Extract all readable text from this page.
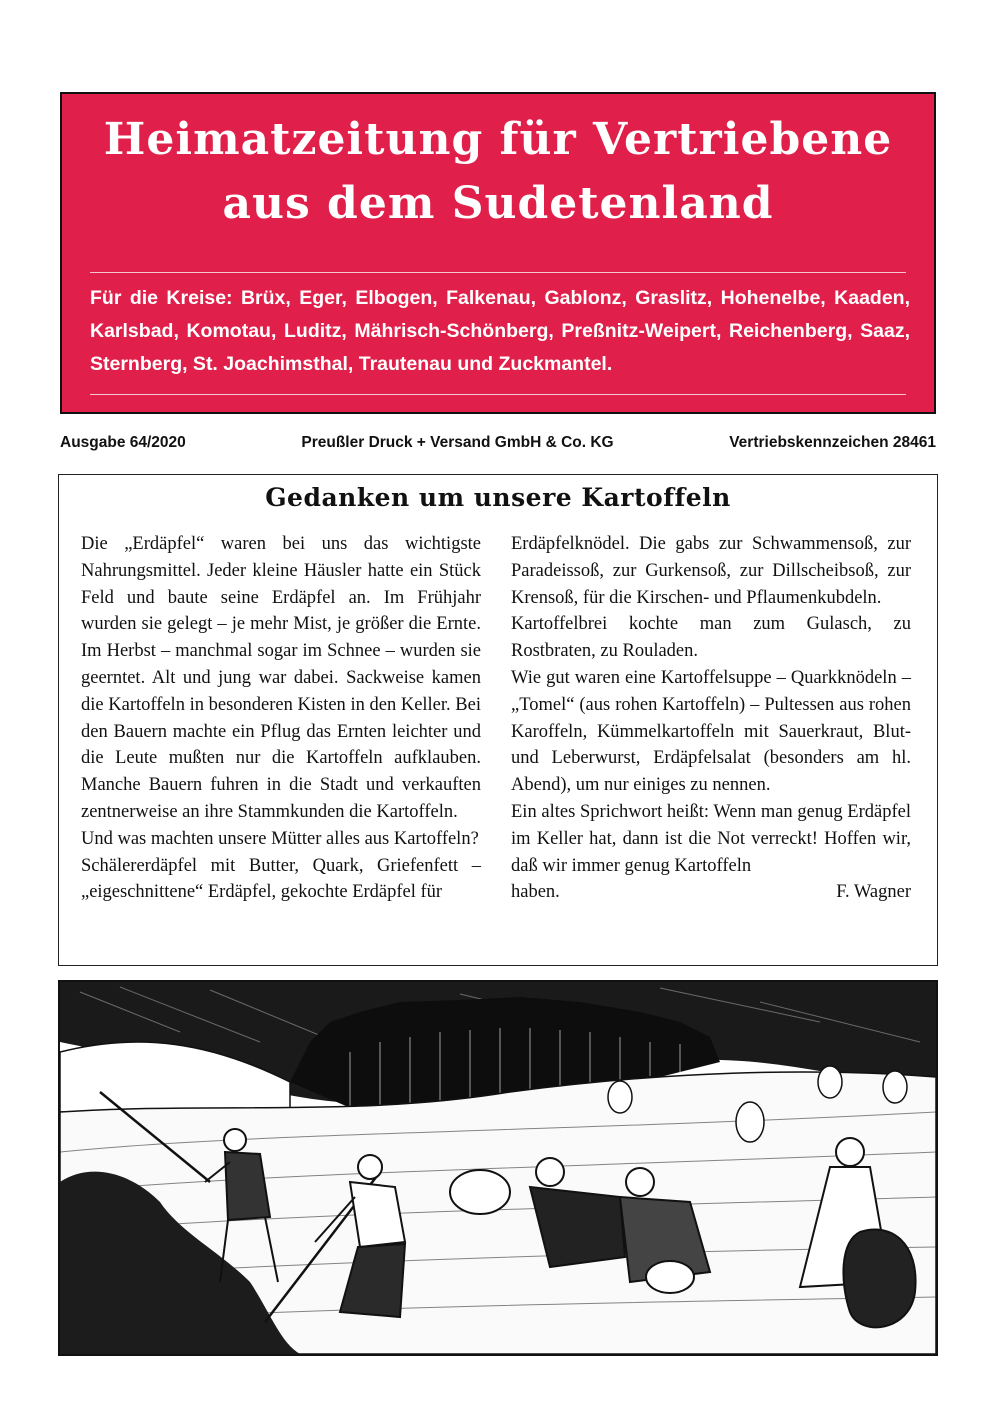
Heimatzeitung für Vertriebene
aus dem Sudetenland
Für die Kreise: Brüx, Eger, Elbogen, Falkenau, Gablonz, Graslitz, Hohenelbe, Kaaden, Karlsbad, Komotau, Luditz, Mährisch-Schönberg, Preßnitz-Weipert, Reichenberg, Saaz, Sternberg, St. Joachimsthal, Trautenau und Zuckmantel.
Ausgabe 64/2020	Preußler Druck + Versand GmbH & Co. KG	Vertriebskennzeichen 28461
Gedanken um unsere Kartoffeln

Die „Erdäpfel“ waren bei uns das wichtigste Nahrungsmittel. Jeder kleine Häusler hatte ein Stück Feld und baute seine Erdäpfel an. Im Frühjahr wurden sie gelegt – je mehr Mist, je größer die Ernte. Im Herbst – manchmal sogar im Schnee – wurden sie geerntet. Alt und jung war dabei. Sackweise kamen die Kartoffeln in besonderen Kisten in den Keller. Bei den Bauern machte ein Pflug das Ernten leichter und die Leute mußten nur die Kartoffeln aufklauben. Manche Bauern fuhren in die Stadt und verkauften zentnerweise an ihre Stammkunden die Kartoffeln.

Und was machten unsere Mütter alles aus Kartoffeln?

Schälererdäpfel mit Butter, Quark, Griefenfett – „eigeschnittene“ Erdäpfel, gekochte Erdäpfel für

Erdäpfelknödel. Die gabs zur Schwammensoß, zur Paradeissoß, zur Gurkensoß, zur Dillscheibsoß, zur Krensoß, für die Kirschen- und Pflaumenkubdeln.

Kartoffelbrei kochte man zum Gulasch, zu Rostbraten, zu Rouladen.

Wie gut waren eine Kartoffelsuppe – Quarkknödeln – „Tomel“ (aus rohen Kartoffeln) – Pultessen aus rohen Karoffeln, Kümmelkartoffeln mit Sauerkraut, Blut- und Leberwurst, Erdäpfelsalat (besonders am hl. Abend), um nur einiges zu nennen.

Ein altes Sprichwort heißt: Wenn man genug Erdäpfel im Keller hat, dann ist die Not verreckt! Hoffen wir, daß wir immer genug Kartoffeln

haben.	F. Wagner
